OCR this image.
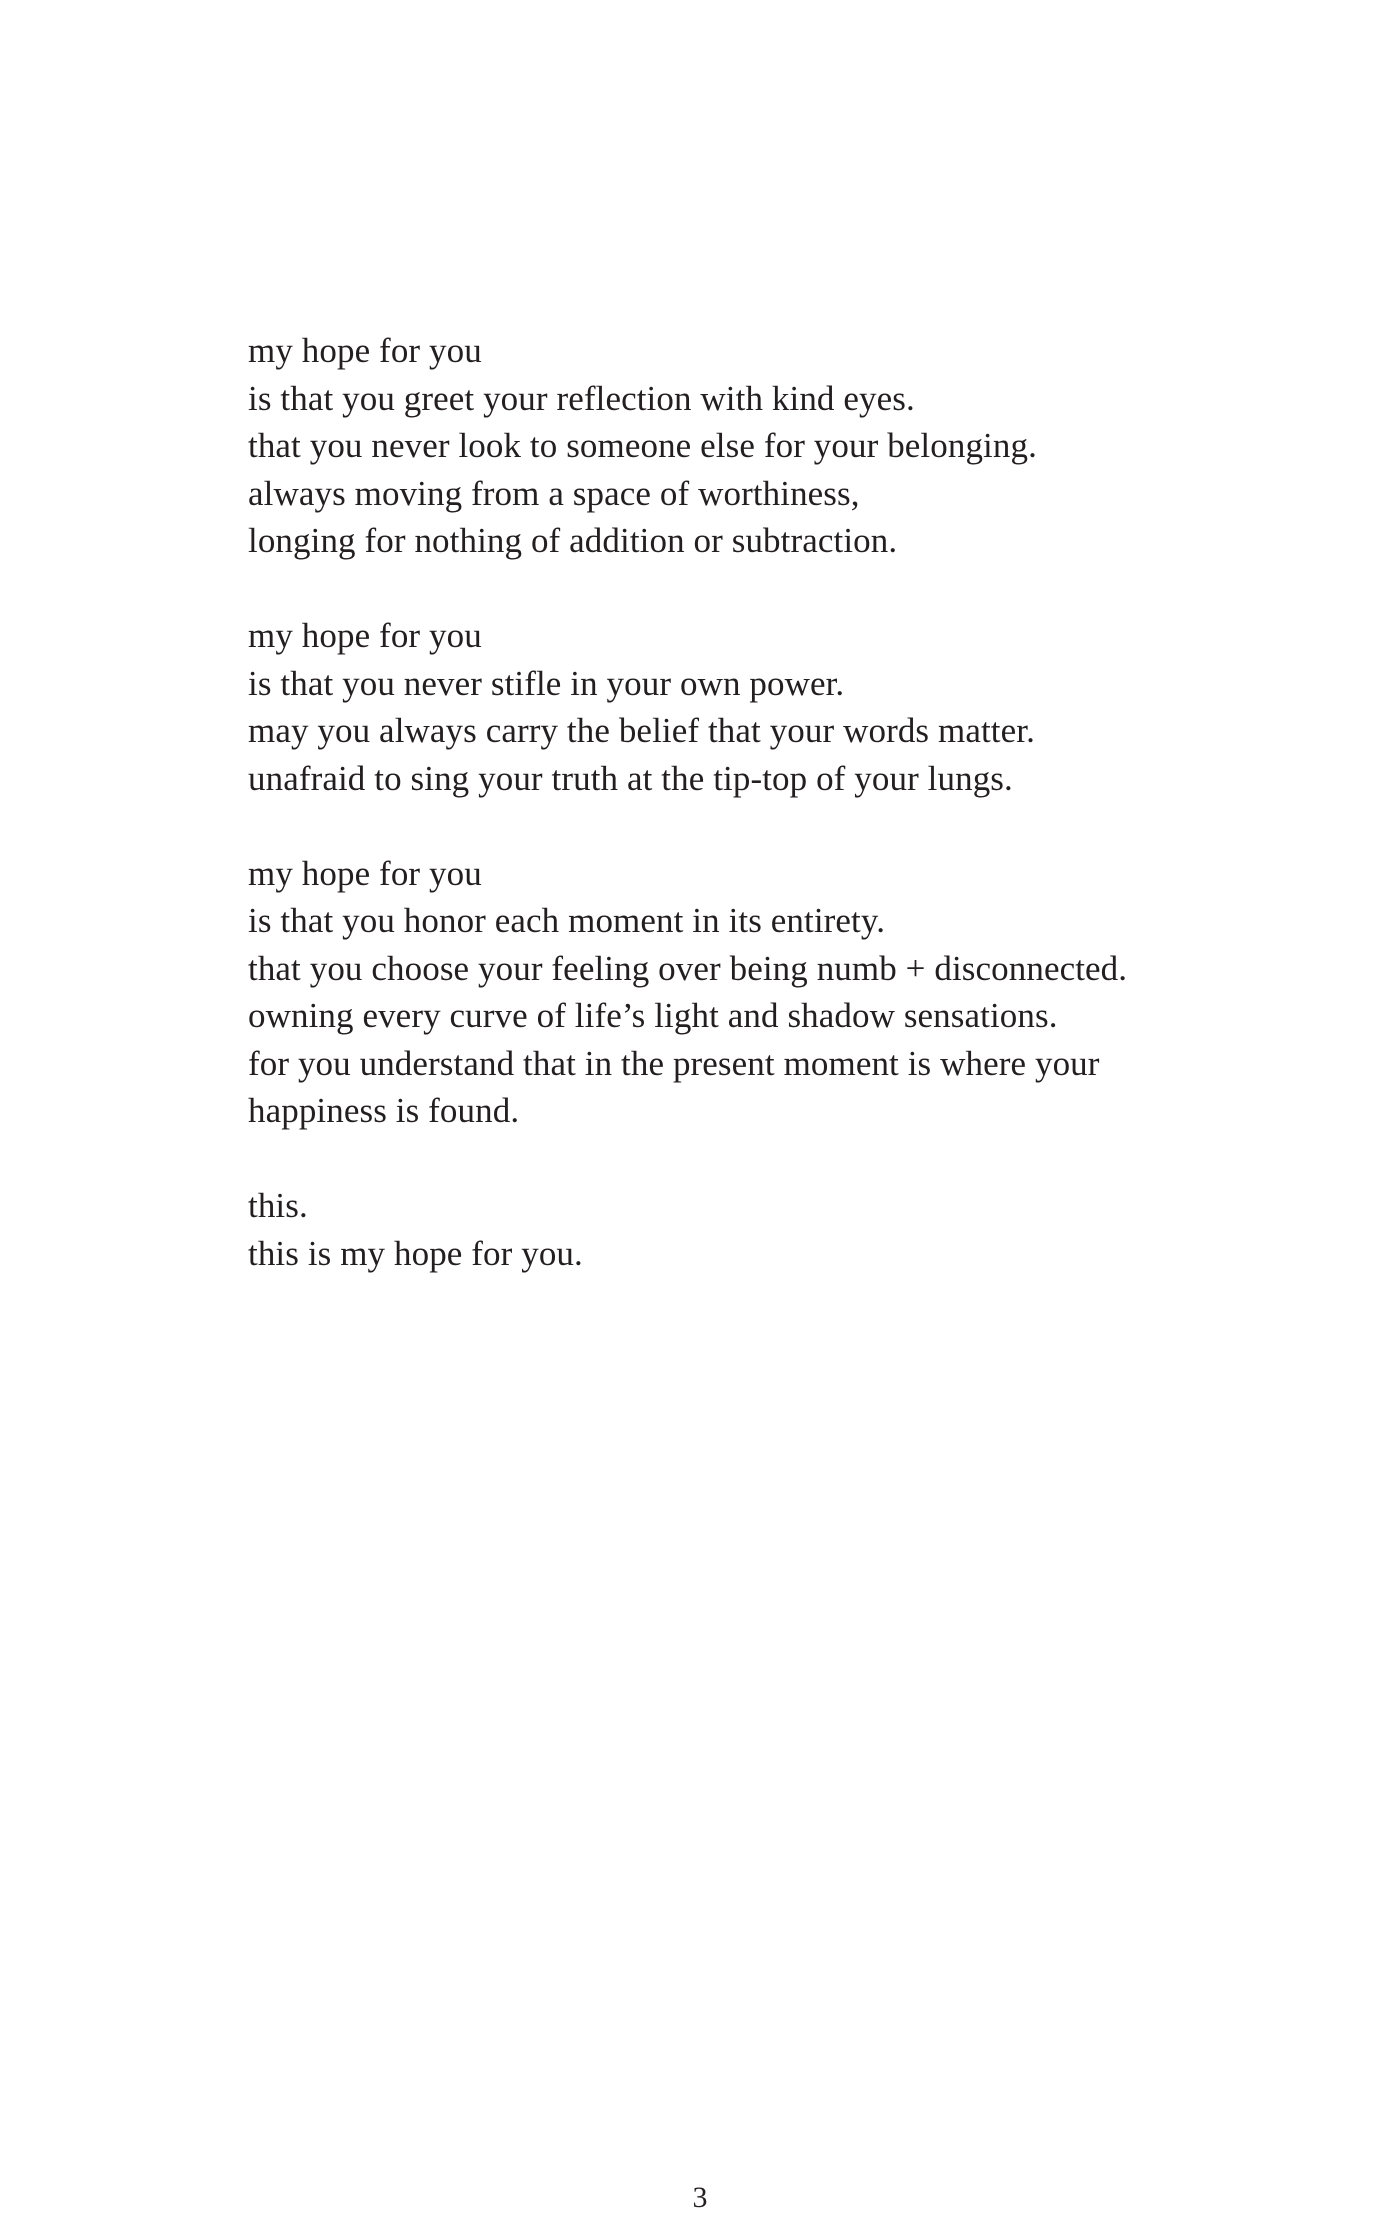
my hope for you
is that you greet your reflection with kind eyes.
that you never look to someone else for your belonging.
always moving from a space of worthiness,
longing for nothing of addition or subtraction.
my hope for you
is that you never stifle in your own power.
may you always carry the belief that your words matter.
unafraid to sing your truth at the tip-top of your lungs.
my hope for you
is that you honor each moment in its entirety.
that you choose your feeling over being numb + disconnected.
owning every curve of life’s light and shadow sensations.
for you understand that in the present moment is where your
happiness is found.
this.
this is my hope for you.
3
